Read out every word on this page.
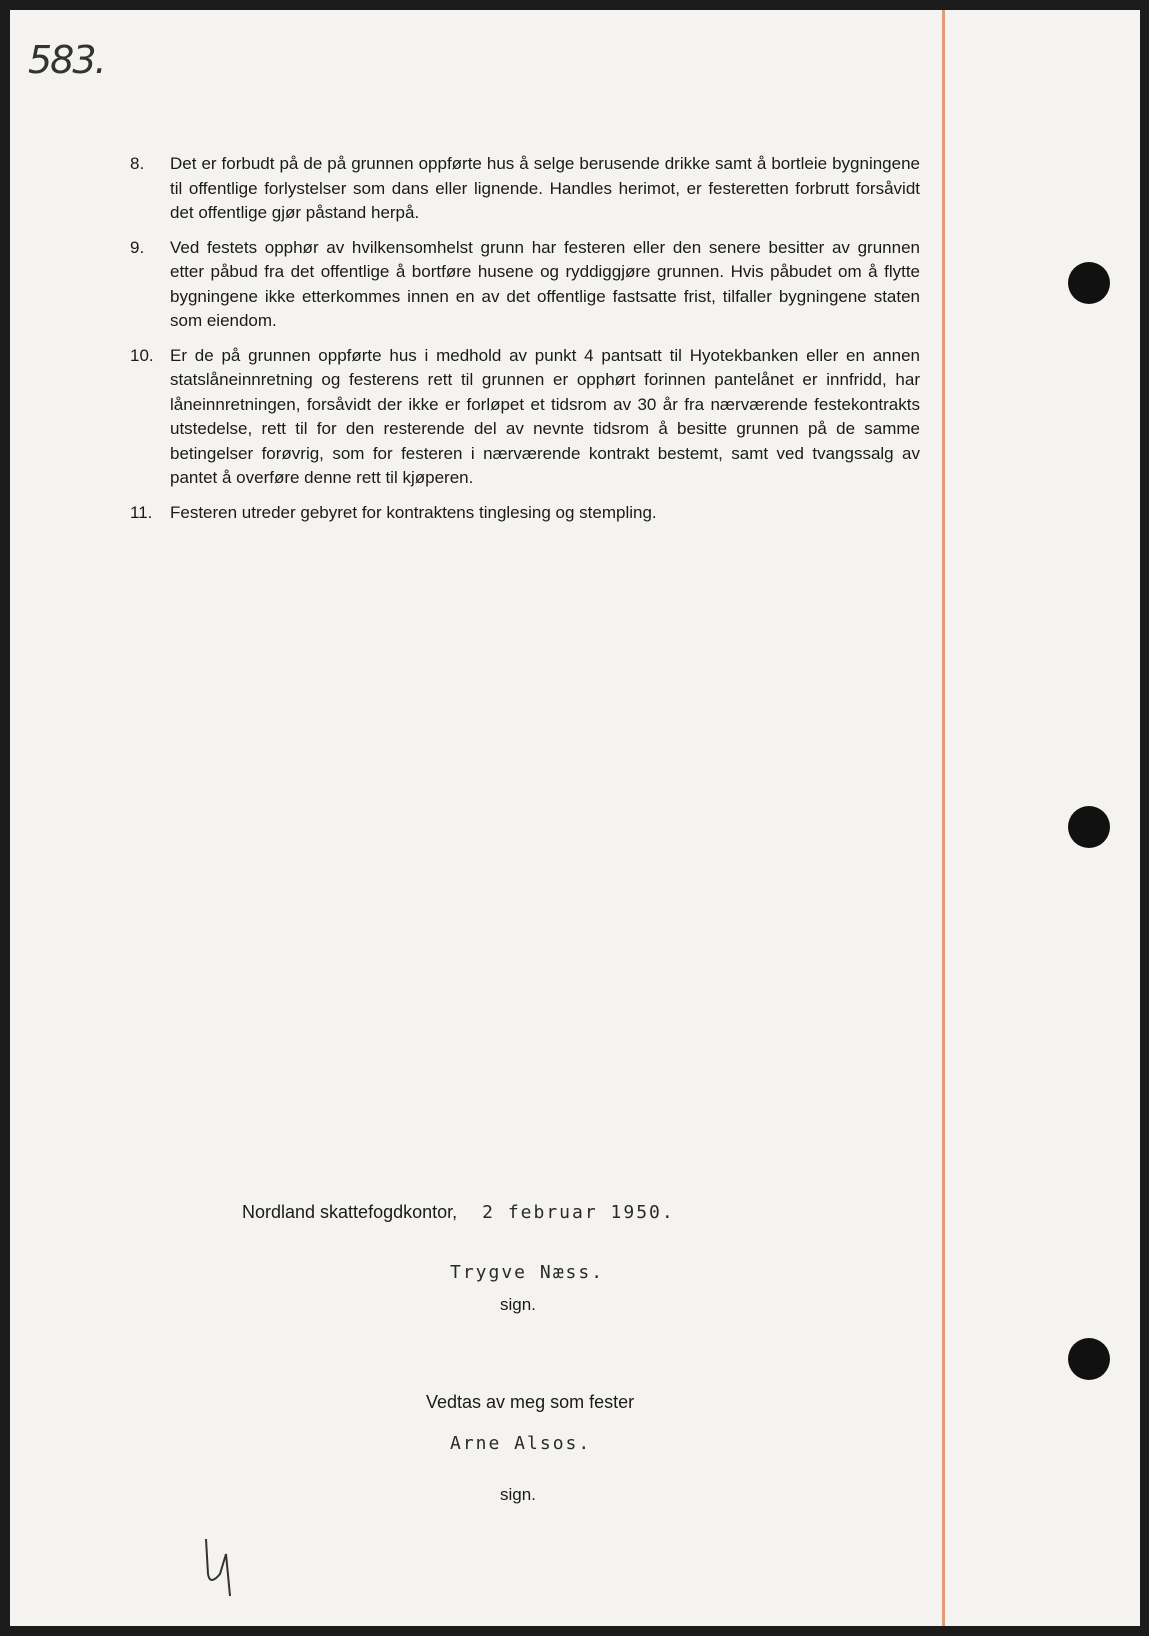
583.
8. Det er forbudt på de på grunnen oppførte hus å selge berusende drikke samt å bortleie bygningene til offentlige forlystelser som dans eller lignende. Handles herimot, er festeretten forbrutt forsåvidt det offentlige gjør påstand herpå.
9. Ved festets opphør av hvilkensomhelst grunn har festeren eller den senere besitter av grunnen etter påbud fra det offentlige å bortføre husene og ryddiggjøre grunnen. Hvis påbudet om å flytte bygningene ikke etterkommes innen en av det offentlige fastsatte frist, tilfaller bygningene staten som eiendom.
10. Er de på grunnen oppførte hus i medhold av punkt 4 pantsatt til Hyotekbanken eller en annen statslåneinnretning og festerens rett til grunnen er opphørt forinnen pantelånet er innfridd, har låneinnretningen, forsåvidt der ikke er forløpet et tidsrom av 30 år fra nærværende festekontrakts utstedelse, rett til for den resterende del av nevnte tidsrom å besitte grunnen på de samme betingelser forøvrig, som for festeren i nærværende kontrakt bestemt, samt ved tvangssalg av pantet å overføre denne rett til kjøperen.
11. Festeren utreder gebyret for kontraktens tinglesing og stempling.
Nordland skattefogdkontor, 2 februar 1950.
Trygve Næss.
sign.
Vedtas av meg som fester
Arne Alsos.
sign.
